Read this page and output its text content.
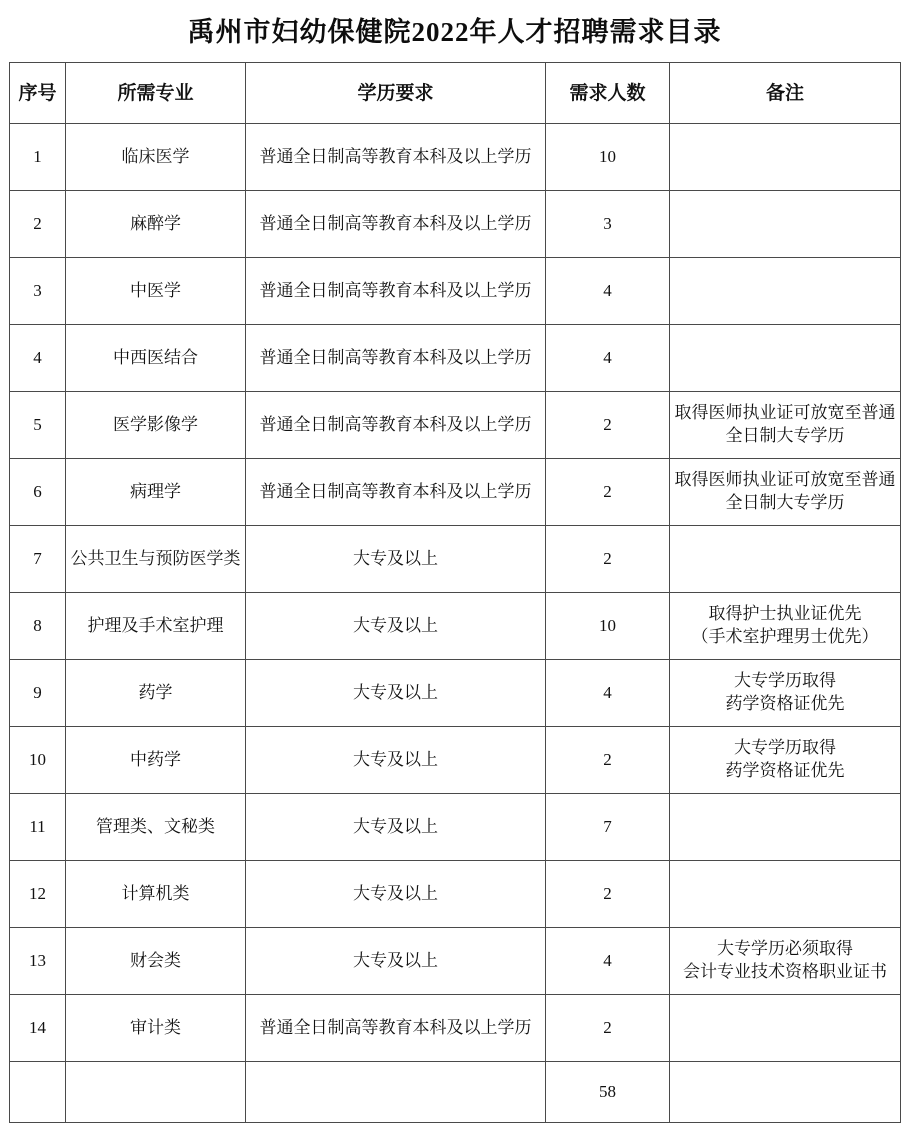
禹州市妇幼保健院2022年人才招聘需求目录
序号	所需专业	学历要求	需求人数	备注
1	临床医学	普通全日制高等教育本科及以上学历	10	
2	麻醉学	普通全日制高等教育本科及以上学历	3	
3	中医学	普通全日制高等教育本科及以上学历	4	
4	中西医结合	普通全日制高等教育本科及以上学历	4	
5	医学影像学	普通全日制高等教育本科及以上学历	2	取得医师执业证可放宽至普通全日制大专学历
6	病理学	普通全日制高等教育本科及以上学历	2	取得医师执业证可放宽至普通全日制大专学历
7	公共卫生与预防医学类	大专及以上	2	
8	护理及手术室护理	大专及以上	10	取得护士执业证优先
（手术室护理男士优先）

9	药学	大专及以上	4	大专学历取得
药学资格证优先

10	中药学	大专及以上	2	大专学历取得
药学资格证优先

11	管理类、文秘类	大专及以上	7	
12	计算机类	大专及以上	2	
13	财会类	大专及以上	4	大专学历必须取得
会计专业技术资格职业证书

14	审计类	普通全日制高等教育本科及以上学历	2	
			58	
